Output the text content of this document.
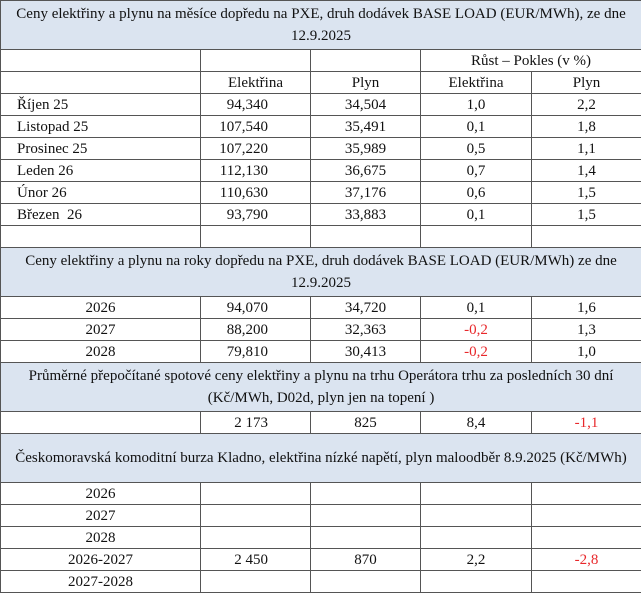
Ceny elektřiny a plynu na měsíce dopředu na PXE, druh dodávek BASE LOAD (EUR/MWh), ze dne 12.9.2025				
			Růst – Pokles (v %)	
	Elektřina	Plyn	Elektřina	Plyn
Říjen 25	94,340	34,504	1,0	2,2
Listopad 25	107,540	35,491	0,1	1,8
Prosinec 25	107,220	35,989	0,5	1,1
Leden 26	112,130	36,675	0,7	1,4
Únor 26	110,630	37,176	0,6	1,5
Březen  26	93,790	33,883	0,1	1,5

Ceny elektřiny a plynu na roky dopředu na PXE, druh dodávek BASE LOAD (EUR/MWh) ze dne 12.9.2025				
2026	94,070	34,720	0,1	1,6
2027	88,200	32,363	-0,2	1,3
2028	79,810	30,413	-0,2	1,0
Průměrné přepočítané spotové ceny elektřiny a plynu na trhu Operátora trhu za posledních 30 dní (Kč/MWh, D02d, plyn jen na topení )				
	2 173	825	8,4	-1,1
Českomoravská komoditní burza Kladno, elektřina nízké napětí, plyn maloodběr 8.9.2025 (Kč/MWh)				
2026				
2027				
2028				
2026-2027	2 450	870	2,2	-2,8
2027-2028				
